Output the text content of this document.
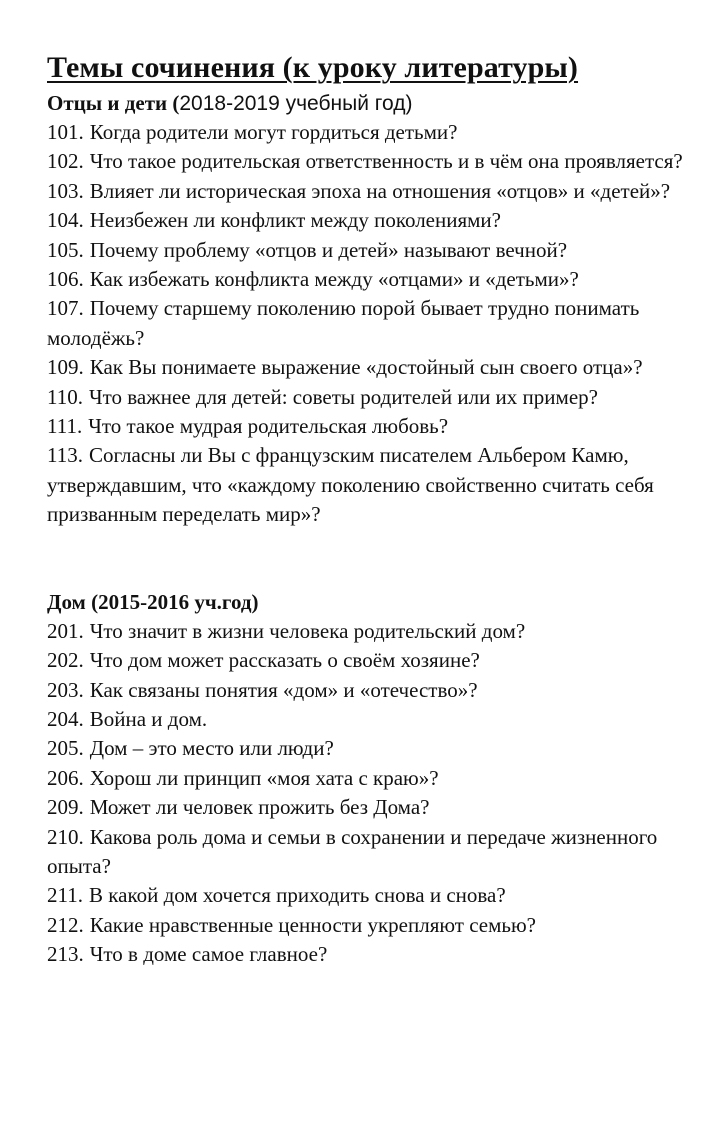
Темы сочинения (к уроку литературы)
Отцы и дети (2018-2019 учебный год)
101. Когда родители могут гордиться детьми?
102. Что такое родительская ответственность и в чём она проявляется?
103. Влияет ли историческая эпоха на отношения «отцов» и «детей»?
104. Неизбежен ли конфликт между поколениями?
105. Почему проблему «отцов и детей» называют вечной?
106. Как избежать конфликта между «отцами» и «детьми»?
107. Почему старшему поколению порой бывает трудно понимать молодёжь?
109. Как Вы понимаете выражение «достойный сын своего отца»?
110. Что важнее для детей: советы родителей или их пример?
111. Что такое мудрая родительская любовь?
113. Согласны ли Вы с французским писателем Альбером Камю, утверждавшим, что «каждому поколению свойственно считать себя призванным переделать мир»?
Дом (2015-2016 уч.год)
201. Что значит в жизни человека родительский дом?
202. Что дом может рассказать о своём хозяине?
203. Как связаны понятия «дом» и «отечество»?
204. Война и дом.
205. Дом – это место или люди?
206. Хорош ли принцип «моя хата с краю»?
209. Может ли человек прожить без Дома?
210. Какова роль дома и семьи в сохранении и передаче жизненного опыта?
211. В какой дом хочется приходить снова и снова?
212. Какие нравственные ценности укрепляют семью?
213. Что в доме самое главное?
